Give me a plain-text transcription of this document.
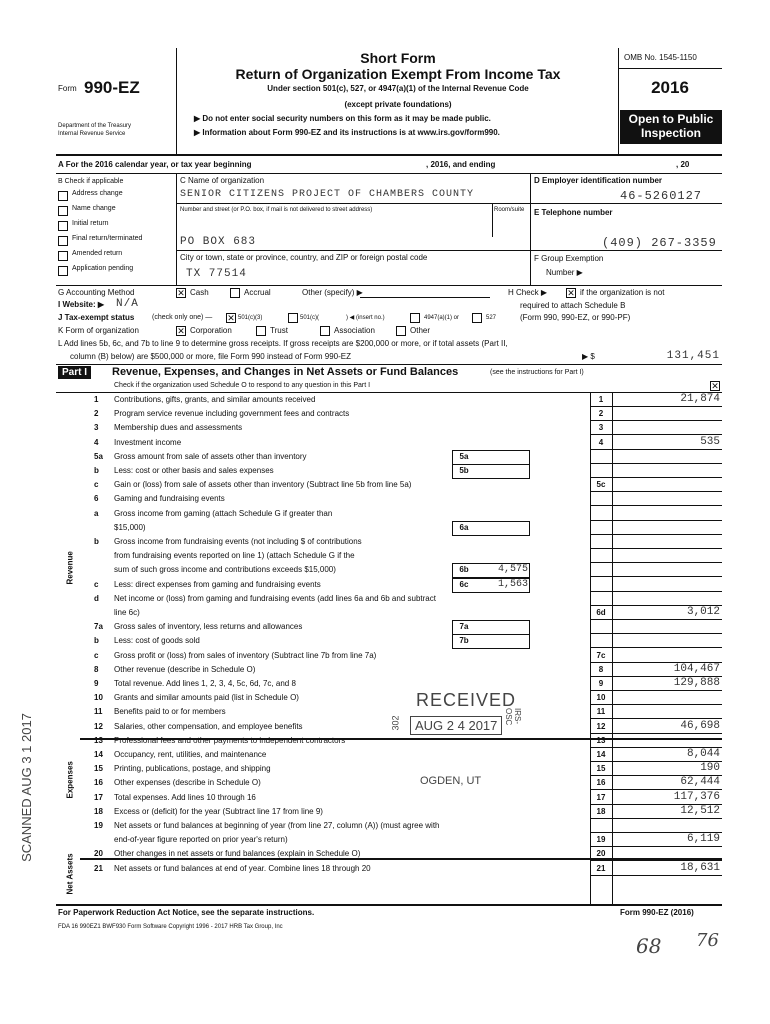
Form 990-EZ
Department of the Treasury
Internal Revenue Service
Short Form
Return of Organization Exempt From Income Tax
Under section 501(c), 527, or 4947(a)(1) of the Internal Revenue Code
(except private foundations)
▶ Do not enter social security numbers on this form as it may be made public.
▶ Information about Form 990-EZ and its instructions is at www.irs.gov/form990.
OMB No. 1545-1150
2016
Open to Public
Inspection
A For the 2016 calendar year, or tax year beginning	, 2016, and ending	, 20
B Check if applicable
Address change
Name change
Initial return
Final return/terminated
Amended return
Application pending
C Name of organization
SENIOR CITIZENS PROJECT OF CHAMBERS COUNTY
Number and street (or P.O. box, if mail is not delivered to street address)	Room/suite
PO BOX 683
City or town, state or province, country, and ZIP or foreign postal code
TX 77514
D Employer identification number
46-5260127
E Telephone number
(409) 267-3359
F Group Exemption
Number ▶
G Accounting Method	✕ Cash	Accrual	Other (specify) ▶	H Check ▶ ✕ if the organization is not
required to attach Schedule B
(Form 990, 990-EZ, or 990-PF)
I Website: ▶ N/A
J Tax-exempt status	(check only one) — ✕ 501(c)(3)	501(c)(	) ◀ (insert no.)	4947(a)(1) or	527
K Form of organization	✕ Corporation	Trust	Association	Other
L Add lines 5b, 6c, and 7b to line 9 to determine gross receipts. If gross receipts are $200,000 or more, or if total assets (Part II,
column (B) below) are $500,000 or more, file Form 990 instead of Form 990-EZ	▶ $	131,451
Part I	Revenue, Expenses, and Changes in Net Assets or Fund Balances	(see the instructions for Part I)
Check if the organization used Schedule O to respond to any question in this Part I	✕
1 Contributions, gifts, grants, and similar amounts received	1	21,874
2 Program service revenue including government fees and contracts	2
3 Membership dues and assessments	3
4 Investment income	4	535
5a Gross amount from sale of assets other than inventory	5a
b Less: cost or other basis and sales expenses	5b
c Gain or (loss) from sale of assets other than inventory (Subtract line 5b from line 5a)	5c
6 Gaming and fundraising events
a Gross income from gaming (attach Schedule G if greater than
$15,000)	6a
b Gross income from fundraising events (not including $ of contributions
from fundraising events reported on line 1) (attach Schedule G if the
sum of such gross income and contributions exceeds $15,000)	6b	4,575
c Less: direct expenses from gaming and fundraising events	6c	1,563
d Net income or (loss) from gaming and fundraising events (add lines 6a and 6b and subtract
line 6c)	6d	3,012
7a Gross sales of inventory, less returns and allowances	7a
b Less: cost of goods sold	7b
c Gross profit or (loss) from sales of inventory (Subtract line 7b from line 7a)	7c
8 Other revenue (describe in Schedule O)	8	104,467
9 Total revenue. Add lines 1, 2, 3, 4, 5c, 6d, 7c, and 8	9	129,888
10 Grants and similar amounts paid (list in Schedule O)	10
11 Benefits paid to or for members	11
12 Salaries, other compensation, and employee benefits	12	46,698
13 Professional fees and other payments to independent contractors	13
14 Occupancy, rent, utilities, and maintenance	14	8,044
15 Printing, publications, postage, and shipping	15	190
16 Other expenses (describe in Schedule O)	16	62,444
17 Total expenses. Add lines 10 through 16	17	117,376
18 Excess or (deficit) for the year (Subtract line 17 from line 9)	18	12,512
19 Net assets or fund balances at beginning of year (from line 27, column (A)) (must agree with
end-of-year figure reported on prior year's return)	19	6,119
20 Other changes in net assets or fund balances (explain in Schedule O)	20
21 Net assets or fund balances at end of year. Combine lines 18 through 20	21	18,631
Revenue
Expenses
Net Assets
For Paperwork Reduction Act Notice, see the separate instructions.	Form 990-EZ (2016)
FDA 16 990EZ1 BWF930 Form Software Copyright 1996 - 2017 HRB Tax Group, Inc
RECEIVED
AUG 2 4 2017
302	IRS-OSC
OGDEN, UT
SCANNED AUG 3 1 2017
68 76
